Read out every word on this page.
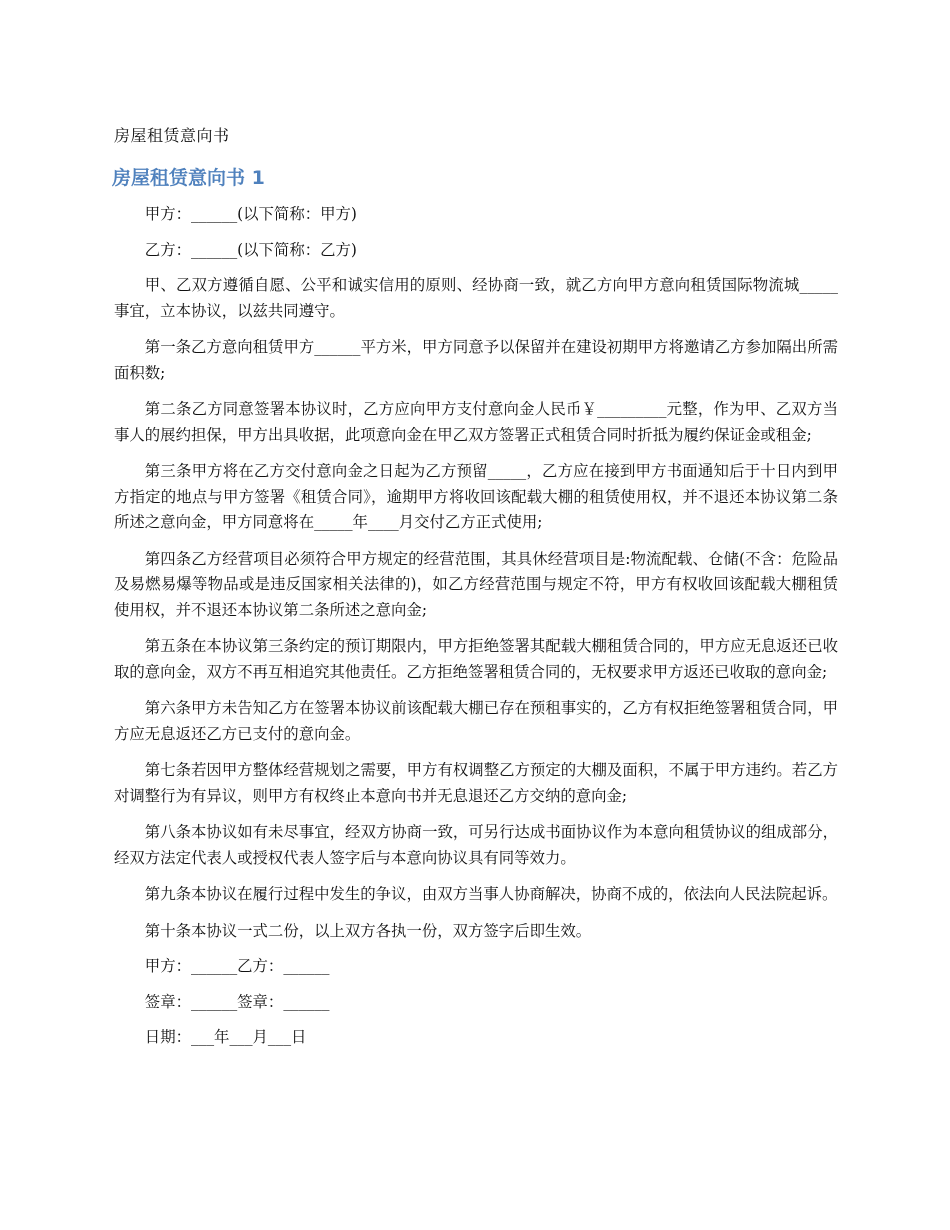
房屋租赁意向书
房屋租赁意向书 1

甲方：______(以下简称：甲方)

乙方：______(以下简称：乙方)

甲、乙双方遵循自愿、公平和诚实信用的原则、经协商一致，就乙方向甲方意向租赁国际物流城_____事宜，立本协议，以兹共同遵守。

第一条乙方意向租赁甲方______平方米，甲方同意予以保留并在建设初期甲方将邀请乙方参加隔出所需面积数;

第二条乙方同意签署本协议时，乙方应向甲方支付意向金人民币￥_________元整，作为甲、乙双方当事人的展约担保，甲方出具收据，此项意向金在甲乙双方签署正式租赁合同时折抵为履约保证金或租金;

第三条甲方将在乙方交付意向金之日起为乙方预留_____，乙方应在接到甲方书面通知后于十日内到甲方指定的地点与甲方签署《租赁合同》，逾期甲方将收回该配载大棚的租赁使用权，并不退还本协议第二条所述之意向金，甲方同意将在_____年____月交付乙方正式使用;

第四条乙方经营项目必须符合甲方规定的经营范围，其具休经营项目是:物流配载、仓储(不含：危险品及易燃易爆等物品或是违反国家相关法律的)，如乙方经营范围与规定不符，甲方有权收回该配载大棚租赁使用权，并不退还本协议第二条所述之意向金;

第五条在本协议第三条约定的预订期限内，甲方拒绝签署其配载大棚租赁合同的，甲方应无息返还已收取的意向金，双方不再互相追究其他责任。乙方拒绝签署租赁合同的，无权要求甲方返还已收取的意向金;

第六条甲方未告知乙方在签署本协议前该配载大棚已存在预租事实的，乙方有权拒绝签署租赁合同，甲方应无息返还乙方已支付的意向金。

第七条若因甲方整体经营规划之需要，甲方有权调整乙方预定的大棚及面积，不属于甲方违约。若乙方对调整行为有异议，则甲方有权终止本意向书并无息退还乙方交纳的意向金;

第八条本协议如有未尽事宜，经双方协商一致，可另行达成书面协议作为本意向租赁协议的组成部分，经双方法定代表人或授权代表人签字后与本意向协议具有同等效力。

第九条本协议在履行过程中发生的争议，由双方当事人协商解决，协商不成的，依法向人民法院起诉。

第十条本协议一式二份，以上双方各执一份，双方签字后即生效。

甲方：______乙方：______

签章：______签章：______

日期：___年___月___日
